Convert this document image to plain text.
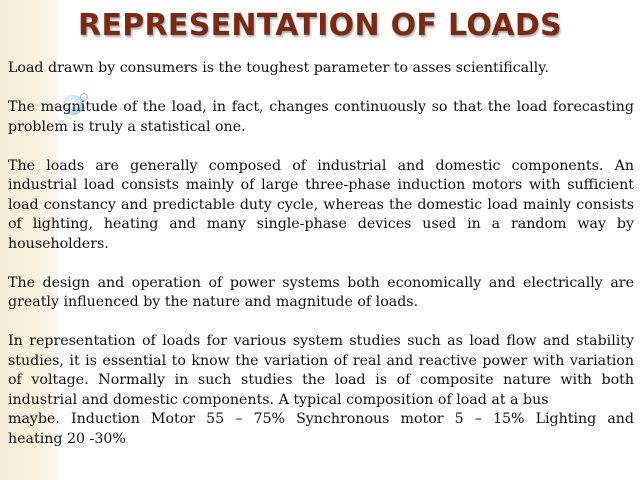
REPRESENTATION OF LOADS

Load drawn by consumers is the toughest parameter to asses scientifically.

The magnitude of the load, in fact, changes continuously so that the load forecasting problem is truly a statistical one.

The loads are generally composed of industrial and domestic components. An industrial load consists mainly of large three-phase induction motors with sufficient load constancy and predictable duty cycle, whereas the domestic load mainly consists of lighting, heating and many single-phase devices used in a random way by householders.

The design and operation of power systems both economically and electrically are greatly influenced by the nature and magnitude of loads.

In representation of loads for various system studies such as load flow and stability studies, it is essential to know the variation of real and reactive power with variation of voltage. Normally in such studies the load is of composite nature with both industrial and domestic components. A typical composition of load at a bus
maybe. Induction Motor 55 – 75% Synchronous motor 5 – 15% Lighting and
heating 20 -30%
